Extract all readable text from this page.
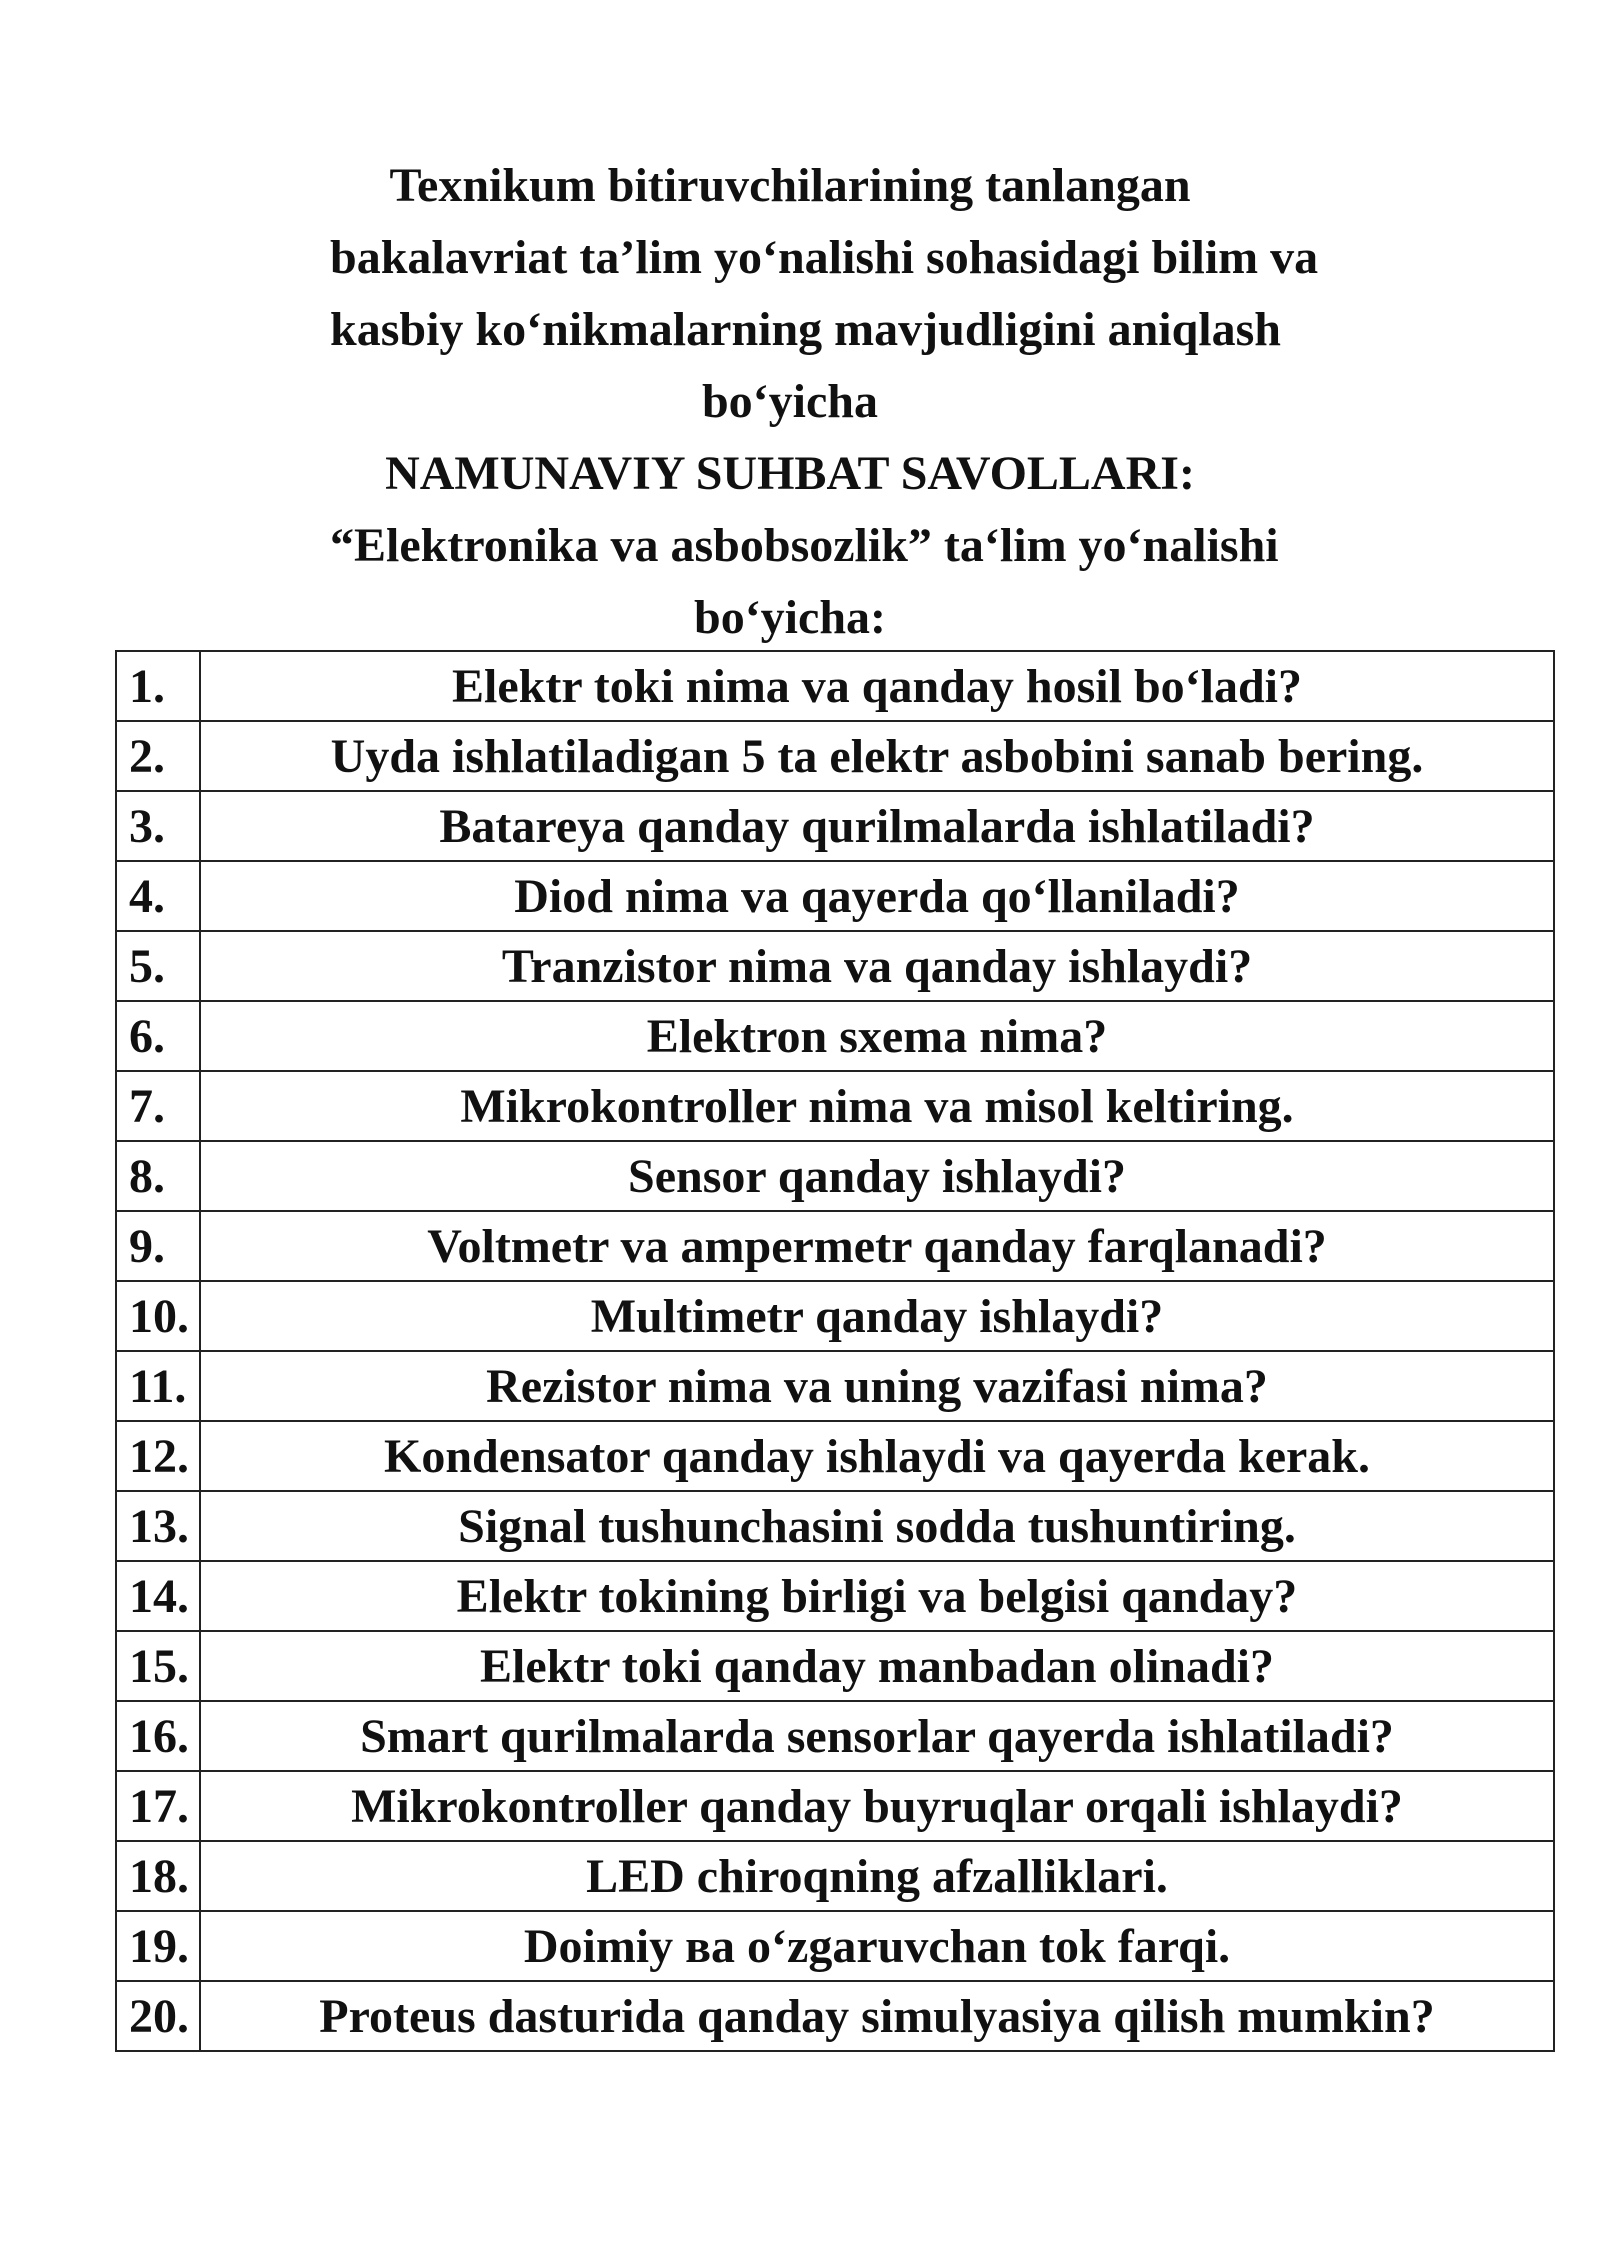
Texnikum bitiruvchilarining tanlangan
bakalavriat ta’lim yo‘nalishi sohasidagi bilim va
kasbiy ko‘nikmalarning mavjudligini aniqlash
bo‘yicha
NAMUNAVIY SUHBAT SAVOLLARI:
“Elektronika va asbobsozlik” ta‘lim yo‘nalishi
bo‘yicha:
1.	Elektr toki nima va qanday hosil bo‘ladi?
2.	Uyda ishlatiladigan 5 ta elektr asbobini sanab bering.
3.	Batareya qanday qurilmalarda ishlatiladi?
4.	Diod nima va qayerda qo‘llaniladi?
5.	Tranzistor nima va qanday ishlaydi?
6.	Elektron sxema nima?
7.	Mikrokontroller nima va misol keltiring.
8.	Sensor qanday ishlaydi?
9.	Voltmetr va ampermetr qanday farqlanadi?
10.	Multimetr qanday ishlaydi?
11.	Rezistor nima va uning vazifasi nima?
12.	Kondensator qanday ishlaydi va qayerda kerak.
13.	Signal tushunchasini sodda tushuntiring.
14.	Elektr tokining birligi va belgisi qanday?
15.	Elektr toki qanday manbadan olinadi?
16.	Smart qurilmalarda sensorlar qayerda ishlatiladi?
17.	Mikrokontroller qanday buyruqlar orqali ishlaydi?
18.	LED chiroqning afzalliklari.
19.	Doimiy ва o‘zgaruvchan tok farqi.
20.	Proteus dasturida qanday simulyasiya qilish mumkin?
